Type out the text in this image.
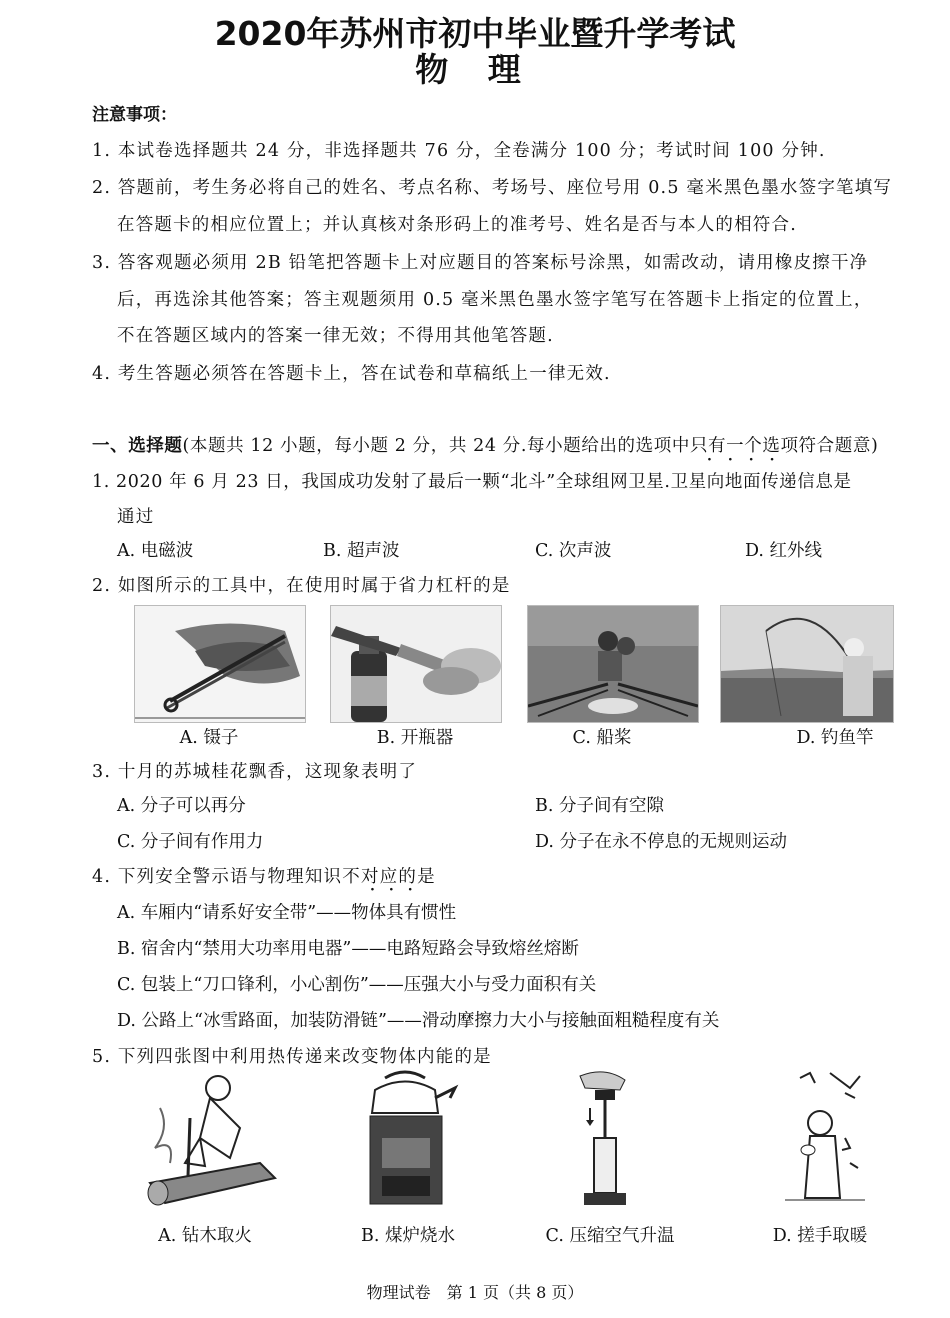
2020年苏州市初中毕业暨升学考试
物 理
注意事项：
1. 本试卷选择题共 24 分，非选择题共 76 分，全卷满分 100 分；考试时间 100 分钟.
2. 答题前，考生务必将自己的姓名、考点名称、考场号、座位号用 0.5 毫米黑色墨水签字笔填写
在答题卡的相应位置上；并认真核对条形码上的准考号、姓名是否与本人的相符合.
3. 答客观题必须用 2B 铅笔把答题卡上对应题目的答案标号涂黑，如需改动，请用橡皮擦干净
后，再选涂其他答案；答主观题须用 0.5 毫米黑色墨水签字笔写在答题卡上指定的位置上，
不在答题区域内的答案一律无效；不得用其他笔答题.
4. 考生答题必须答在答题卡上，答在试卷和草稿纸上一律无效.
一、选择题(本题共 12 小题，每小题 2 分，共 24 分.每小题给出的选项中只有一个选项符合题意)
····
1. 2020 年 6 月 23 日，我国成功发射了最后一颗“北斗”全球组网卫星.卫星向地面传递信息是
通过
A. 电磁波	B. 超声波	C. 次声波	D. 红外线
2. 如图所示的工具中，在使用时属于省力杠杆的是
A. 镊子	B. 开瓶器	C. 船桨	D. 钓鱼竿
3. 十月的苏城桂花飘香，这现象表明了
A. 分子可以再分	B. 分子间有空隙
C. 分子间有作用力	D. 分子在永不停息的无规则运动
4. 下列安全警示语与物理知识不对应的是
···
A. 车厢内“请系好安全带”——物体具有惯性
B. 宿舍内“禁用大功率用电器”——电路短路会导致熔丝熔断
C. 包装上“刀口锋利，小心割伤”——压强大小与受力面积有关
D. 公路上“冰雪路面，加装防滑链”——滑动摩擦力大小与接触面粗糙程度有关
5. 下列四张图中利用热传递来改变物体内能的是
A. 钻木取火	B. 煤炉烧水	C. 压缩空气升温	D. 搓手取暖
物理试卷　第 1 页（共 8 页）
